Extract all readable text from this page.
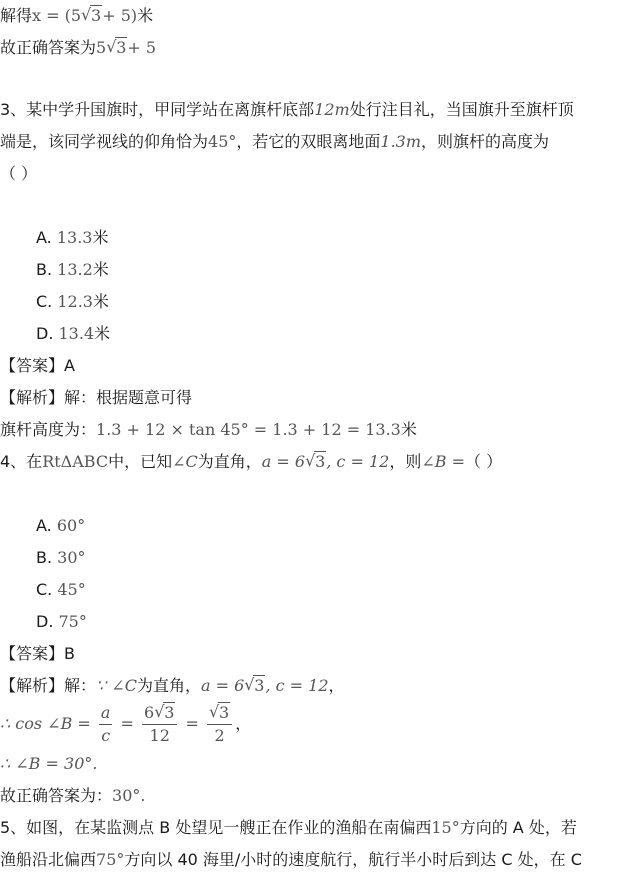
解得x = (5 √ 3+ 5)米
故正确答案为5 √ 3+ 5
3、某中学升国旗时，甲同学站在离旗杆底部12m处行注目礼，当国旗升至旗杆顶
端是，该同学视线的仰角恰为45°，若它的双眼离地面1.3m，则旗杆的高度为
（ ）
A. 13.3米
B. 13.2米
C. 12.3米
D. 13.4米
【答案】A
【解析】解：根据题意可得
旗杆高度为：1.3 + 12 × tan 45° = 1.3 + 12 = 13.3米
4、在RtΔABC中，已知∠C为直角，a = 6 √ 3, c = 12，则∠B =（ ）
A. 60°
B. 30°
C. 45°
D. 75°
【答案】B
【解析】解：∵ ∠C为直角，a = 6 √ 3, c = 12，
∴ cos ∠B = $\frac{a}{c} = \frac{6 √ 3}{12}$ = √ $\frac{3}{2}$ ，
∴ ∠B = 30°.
故正确答案为：30°.
5、如图，在某监测点 B 处望见一艘正在作业的渔船在南偏西15°方向的 A 处，若
渔船沿北偏西75°方向以 40 海里/小时的速度航行，航行半小时后到达 C 处，在 C
